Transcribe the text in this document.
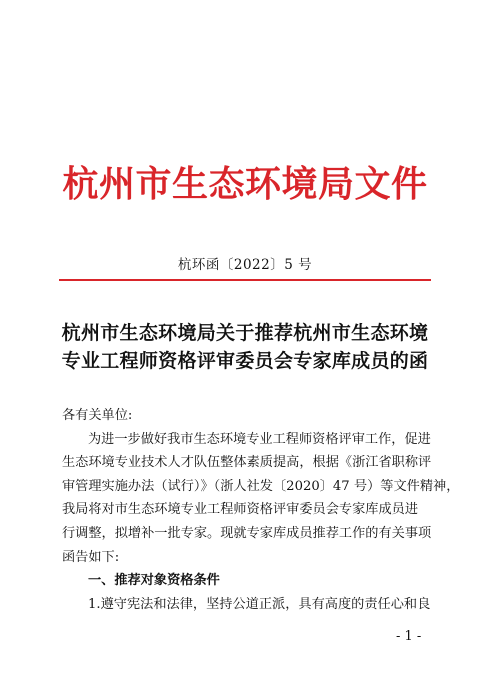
杭州市生态环境局文件
杭环函〔2022〕5 号
杭州市生态环境局关于推荐杭州市生态环境
专业工程师资格评审委员会专家库成员的函
各有关单位:
为进一步做好我市生态环境专业工程师资格评审工作，促进
生态环境专业技术人才队伍整体素质提高，根据《浙江省职称评
审管理实施办法（试行）》（浙人社发〔2020〕47 号）等文件精神，
我局将对市生态环境专业工程师资格评审委员会专家库成员进
行调整，拟增补一批专家。现就专家库成员推荐工作的有关事项
函告如下:
一、推荐对象资格条件
1.遵守宪法和法律，坚持公道正派，具有高度的责任心和良
- 1 -
